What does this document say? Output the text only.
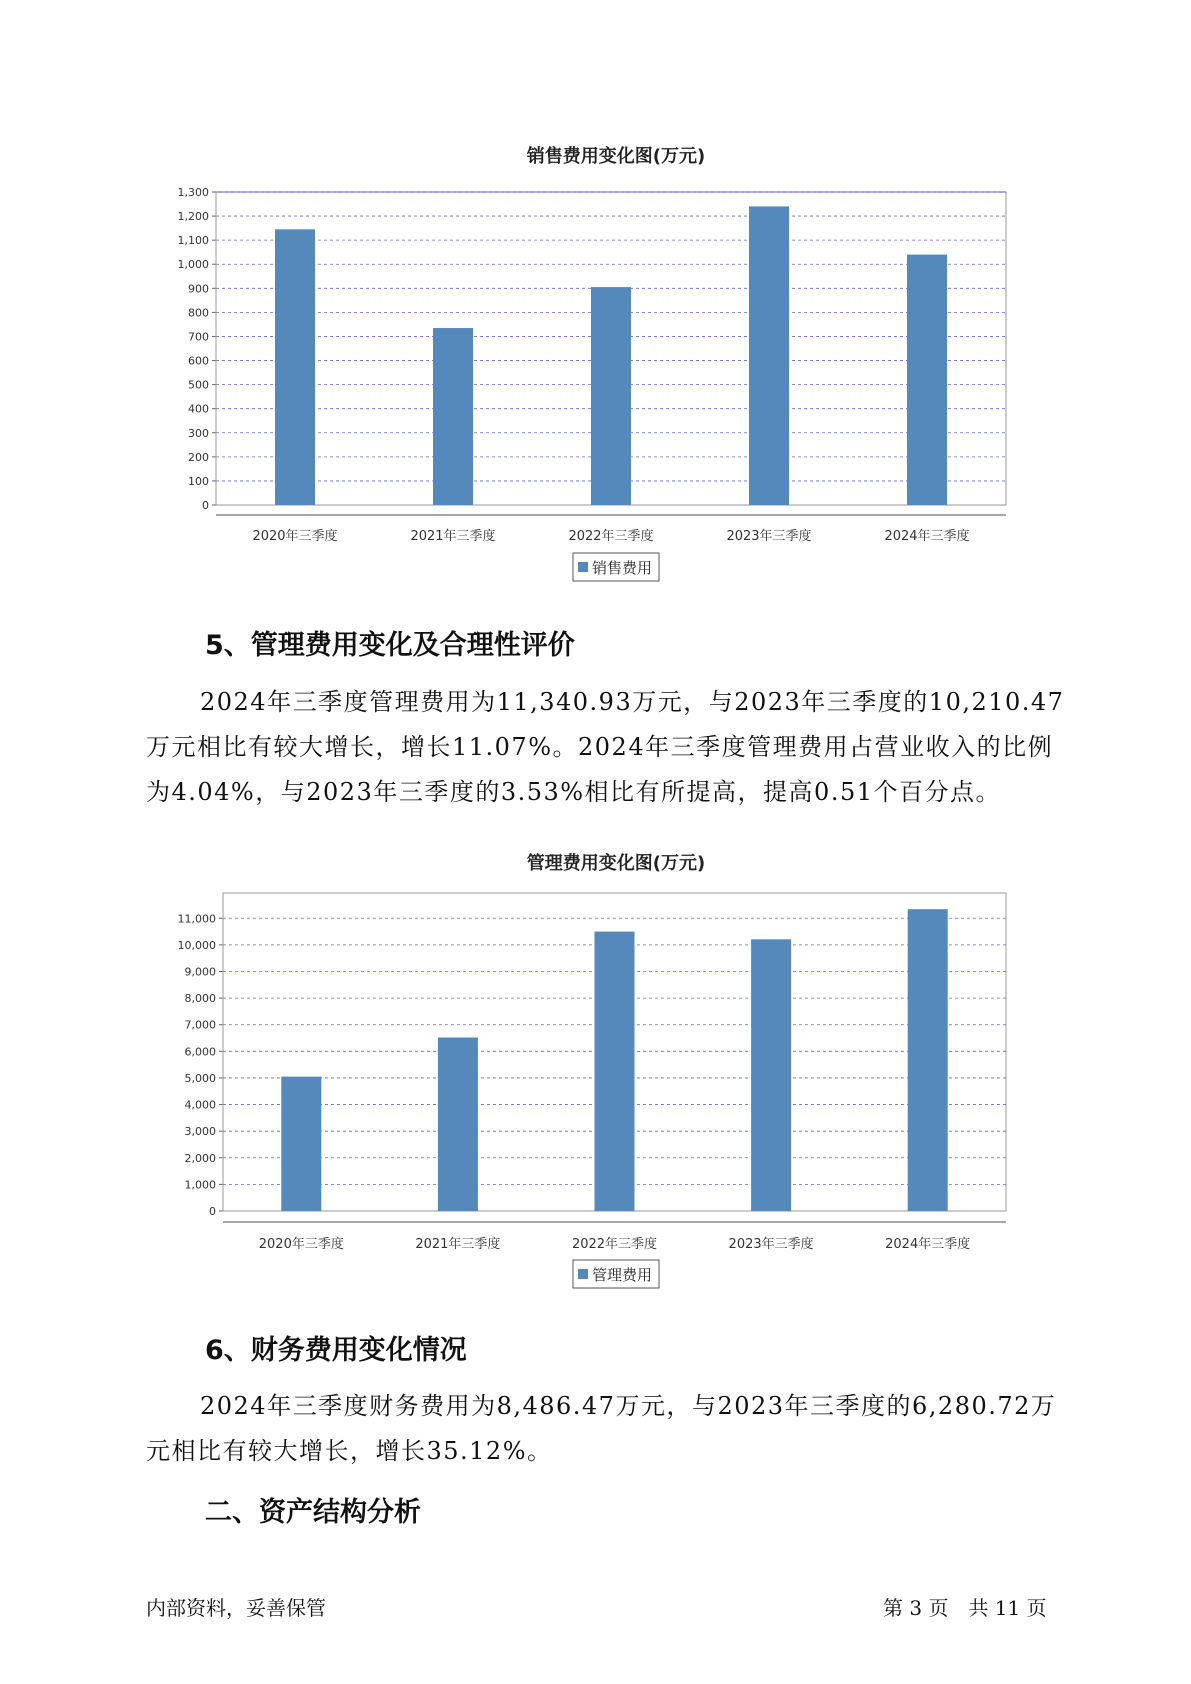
销售费用变化图(万元)
0
100
200
300
400
500
600
700
800
900
1,000
1,100
1,200
1,300
2020年三季度	2021年三季度	2022年三季度	2023年三季度	2024年三季度
销售费用
5、管理费用变化及合理性评价

2024年三季度管理费用为11,340.93万元，与2023年三季度的10,210.47万元相比有较大增长，增长11.07%。2024年三季度管理费用占营业收入的比例为4.04%，与2023年三季度的3.53%相比有所提高，提高0.51个百分点。

管理费用变化图(万元)
0
1,000
2,000
3,000
4,000
5,000
6,000
7,000
8,000
9,000
10,000
11,000
2020年三季度	2021年三季度	2022年三季度	2023年三季度	2024年三季度
管理费用
6、财务费用变化情况

2024年三季度财务费用为8,486.47万元，与2023年三季度的6,280.72万元相比有较大增长，增长35.12%。

二、资产结构分析
内部资料，妥善保管	第 3 页　共 11 页
